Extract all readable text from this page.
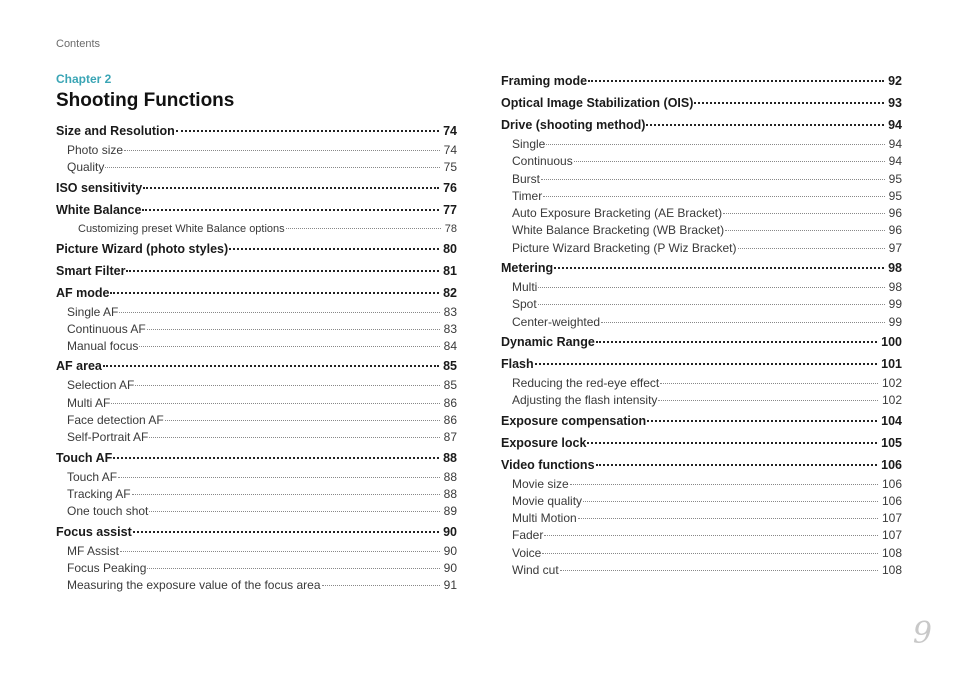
Contents
Chapter 2
Shooting Functions
Size and Resolution	74
Photo size	74
Quality	75
ISO sensitivity	76
White Balance	77
Customizing preset White Balance options	78
Picture Wizard (photo styles)	80
Smart Filter	81
AF mode	82
Single AF	83
Continuous AF	83
Manual focus	84
AF area	85
Selection AF	85
Multi AF	86
Face detection AF	86
Self-Portrait AF	87
Touch AF	88
Touch AF	88
Tracking AF	88
One touch shot	89
Focus assist	90
MF Assist	90
Focus Peaking	90
Measuring the exposure value of the focus area	91
Framing mode	92
Optical Image Stabilization (OIS)	93
Drive (shooting method)	94
Single	94
Continuous	94
Burst	95
Timer	95
Auto Exposure Bracketing (AE Bracket)	96
White Balance Bracketing (WB Bracket)	96
Picture Wizard Bracketing (P Wiz Bracket)	97
Metering	98
Multi	98
Spot	99
Center-weighted	99
Dynamic Range	100
Flash	101
Reducing the red-eye effect	102
Adjusting the flash intensity	102
Exposure compensation	104
Exposure lock	105
Video functions	106
Movie size	106
Movie quality	106
Multi Motion	107
Fader	107
Voice	108
Wind cut	108
9
